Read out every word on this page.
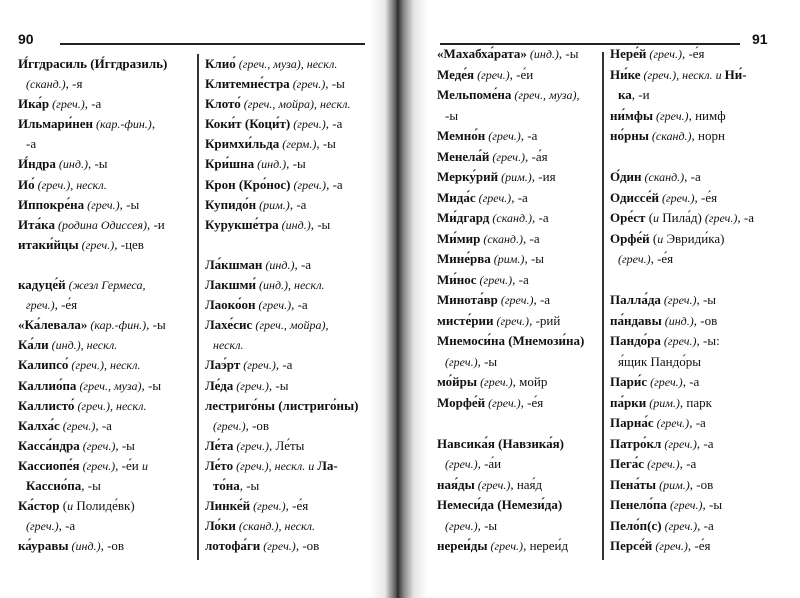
90
И́ггдрасиль (И́ггдразиль)
(сканд.), -я
Ика́р (греч.), -а
Ильмари́нен (кар.-фин.),
-а
И́ндра (инд.), -ы
Ио́ (греч.), нескл.
Иппокре́на (греч.), -ы
Ита́ка (родина Одиссея), -и
итаки́йцы (греч.), -цев
кадуце́й (жезл Гермеса,
греч.), -е́я
«Ка́левала» (кар.-фин.), -ы
Ка́ли (инд.), нескл.
Калипсо́ (греч.), нескл.
Каллио́па (греч., муза), -ы
Каллисто́ (греч.), нескл.
Калха́с (греч.), -а
Касса́ндра (греч.), -ы
Кассиопе́я (греч.), -е́и и
Кассио́па, -ы
Ка́стор (и Полиде́вк)
(греч.), -а
ка́уравы (инд.), -ов
Клио́ (греч., муза), нескл.
Клитемне́стра (греч.), -ы
Клото́ (греч., мойра), нескл.
Коки́т (Коци́т) (греч.), -а
Кримхи́льда (герм.), -ы
Кри́шна (инд.), -ы
Крон (Кро́нос) (греч.), -а
Купидо́н (рим.), -а
Курукше́тра (инд.), -ы
Ла́кшман (инд.), -а
Лакшми́ (инд.), нескл.
Лаоко́он (греч.), -а
Лахе́сис (греч., мойра),
нескл.
Лаэ́рт (греч.), -а
Ле́да (греч.), -ы
лестриго́ны (листриго́ны)
(греч.), -ов
Ле́та (греч.), Ле́ты
Ле́то (греч.), нескл. и Ла-
то́на, -ы
Линке́й (греч.), -е́я
Ло́ки (сканд.), нескл.
лотофа́ги (греч.), -ов
91
«Махабха́рата» (инд.), -ы
Меде́я (греч.), -е́и
Мельпоме́на (греч., муза),
-ы
Мемно́н (греч.), -а
Менела́й (греч.), -а́я
Мерку́рий (рим.), -ия
Мида́с (греч.), -а
Ми́дгард (сканд.), -а
Ми́мир (сканд.), -а
Мине́рва (рим.), -ы
Ми́нос (греч.), -а
Минота́вр (греч.), -а
мисте́рии (греч.), -рий
Мнемоси́на (Мнемози́на)
(греч.), -ы
мо́йры (греч.), мойр
Морфе́й (греч.), -е́я
Навсика́я (Навзика́я)
(греч.), -а́и
ная́ды (греч.), ная́д
Немеси́да (Немези́да)
(греч.), -ы
нереи́ды (греч.), нереи́д
Нере́й (греч.), -е́я
Ни́ке (греч.), нескл. и Ни́-
ка, -и
ни́мфы (греч.), нимф
но́рны (сканд.), норн
О́дин (сканд.), -а
Одиссе́й (греч.), -е́я
Оре́ст (и Пила́д) (греч.), -а
Орфе́й (и Эвриди́ка)
(греч.), -е́я
Палла́да (греч.), -ы
па́ндавы (инд.), -ов
Пандо́ра (греч.), -ы:
я́щик Пандо́ры
Пари́с (греч.), -а
па́рки (рим.), парк
Парна́с (греч.), -а
Патро́кл (греч.), -а
Пега́с (греч.), -а
Пена́ты (рим.), -ов
Пенело́па (греч.), -ы
Пело́п(с) (греч.), -а
Персе́й (греч.), -е́я
